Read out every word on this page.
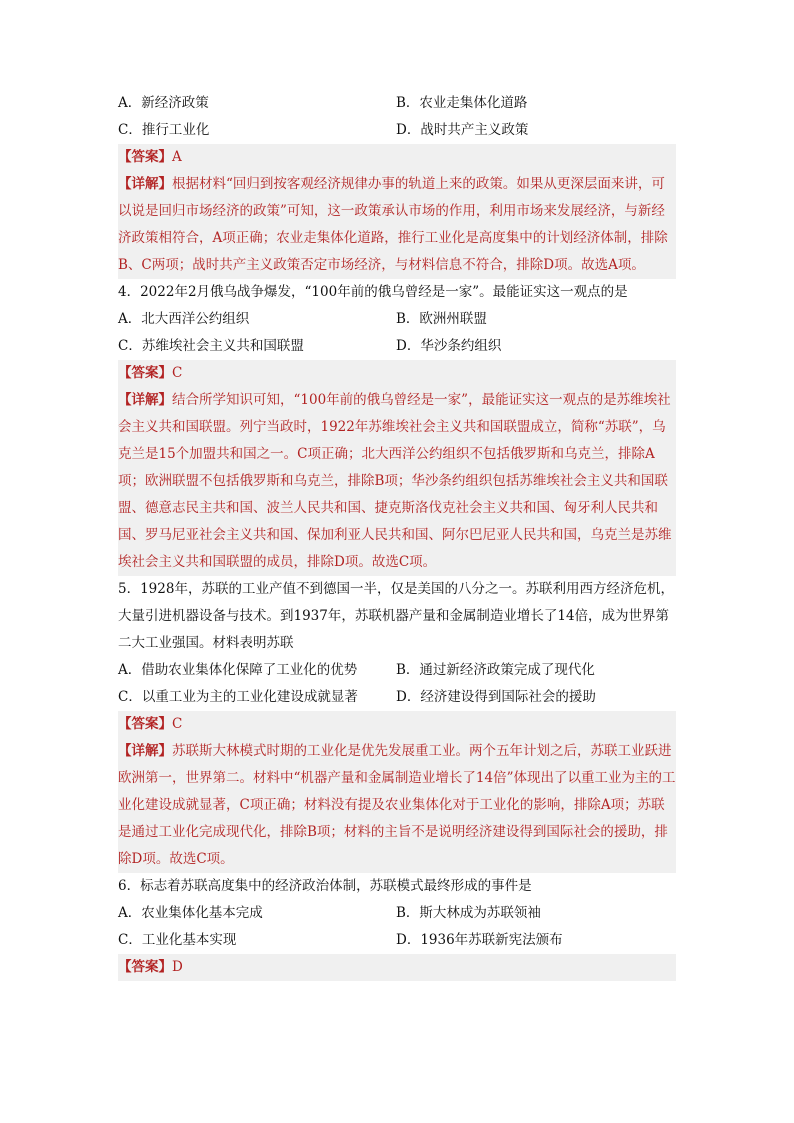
A．新经济政策	B．农业走集体化道路
C．推行工业化	D．战时共产主义政策
【答案】A
【详解】根据材料“回归到按客观经济规律办事的轨道上来的政策。如果从更深层面来讲，可以说是回归市场经济的政策”可知，这一政策承认市场的作用，利用市场来发展经济，与新经济政策相符合，A项正确；农业走集体化道路，推行工业化是高度集中的计划经济体制，排除B、C两项；战时共产主义政策否定市场经济，与材料信息不符合，排除D项。故选A项。
4．2022年2月俄乌战争爆发，“100年前的俄乌曾经是一家”。最能证实这一观点的是
A．北大西洋公约组织	B．欧洲州联盟
C．苏维埃社会主义共和国联盟	D．华沙条约组织
【答案】C
【详解】结合所学知识可知，“100年前的俄乌曾经是一家”，最能证实这一观点的是苏维埃社会主义共和国联盟。列宁当政时，1922年苏维埃社会主义共和国联盟成立，简称“苏联”，乌克兰是15个加盟共和国之一。C项正确；北大西洋公约组织不包括俄罗斯和乌克兰，排除A项；欧洲联盟不包括俄罗斯和乌克兰，排除B项；华沙条约组织包括苏维埃社会主义共和国联盟、德意志民主共和国、波兰人民共和国、捷克斯洛伐克社会主义共和国、匈牙利人民共和国、罗马尼亚社会主义共和国、保加利亚人民共和国、阿尔巴尼亚人民共和国，乌克兰是苏维埃社会主义共和国联盟的成员，排除D项。故选C项。
5．1928年，苏联的工业产值不到德国一半，仅是美国的八分之一。苏联利用西方经济危机，大量引进机器设备与技术。到1937年，苏联机器产量和金属制造业增长了14倍，成为世界第二大工业强国。材料表明苏联
A．借助农业集体化保障了工业化的优势	B．通过新经济政策完成了现代化
C．以重工业为主的工业化建设成就显著	D．经济建设得到国际社会的援助
【答案】C
【详解】苏联斯大林模式时期的工业化是优先发展重工业。两个五年计划之后，苏联工业跃进欧洲第一，世界第二。材料中“机器产量和金属制造业增长了14倍”体现出了以重工业为主的工业化建设成就显著，C项正确；材料没有提及农业集体化对于工业化的影响，排除A项；苏联是通过工业化完成现代化，排除B项；材料的主旨不是说明经济建设得到国际社会的援助，排除D项。故选C项。
6．标志着苏联高度集中的经济政治体制，苏联模式最终形成的事件是
A．农业集体化基本完成	B．斯大林成为苏联领袖
C．工业化基本实现	D．1936年苏联新宪法颁布
【答案】D
